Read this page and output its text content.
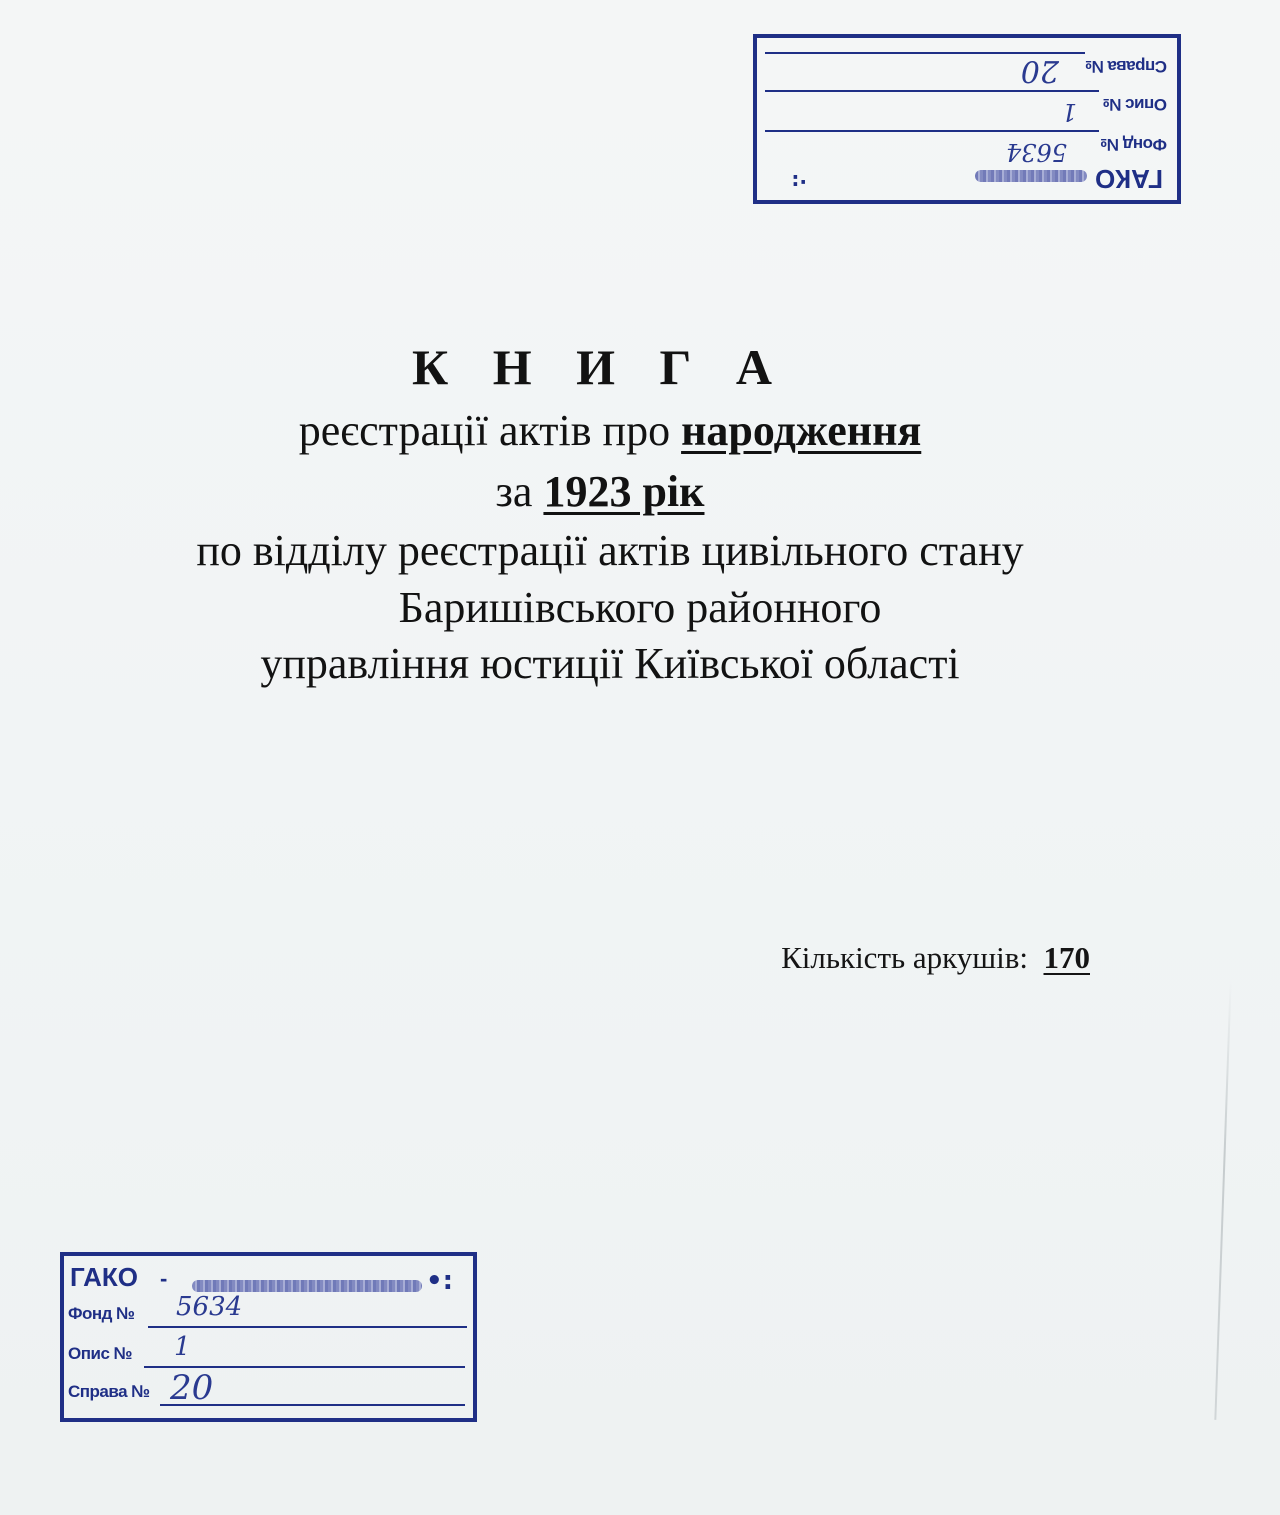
ГАКО
·:
Фонд №
5634
Опис №
1
Справа №
20
К Н И Г А
реєстрації актів про народження
за 1923 рік
по відділу реєстрації актів цивільного стану
Баришівського районного
управління юстиції Київської області
Кількість аркушів: 170
ГАКО -	•:
Фонд № 5634
Опис № 1
Справа № 20
